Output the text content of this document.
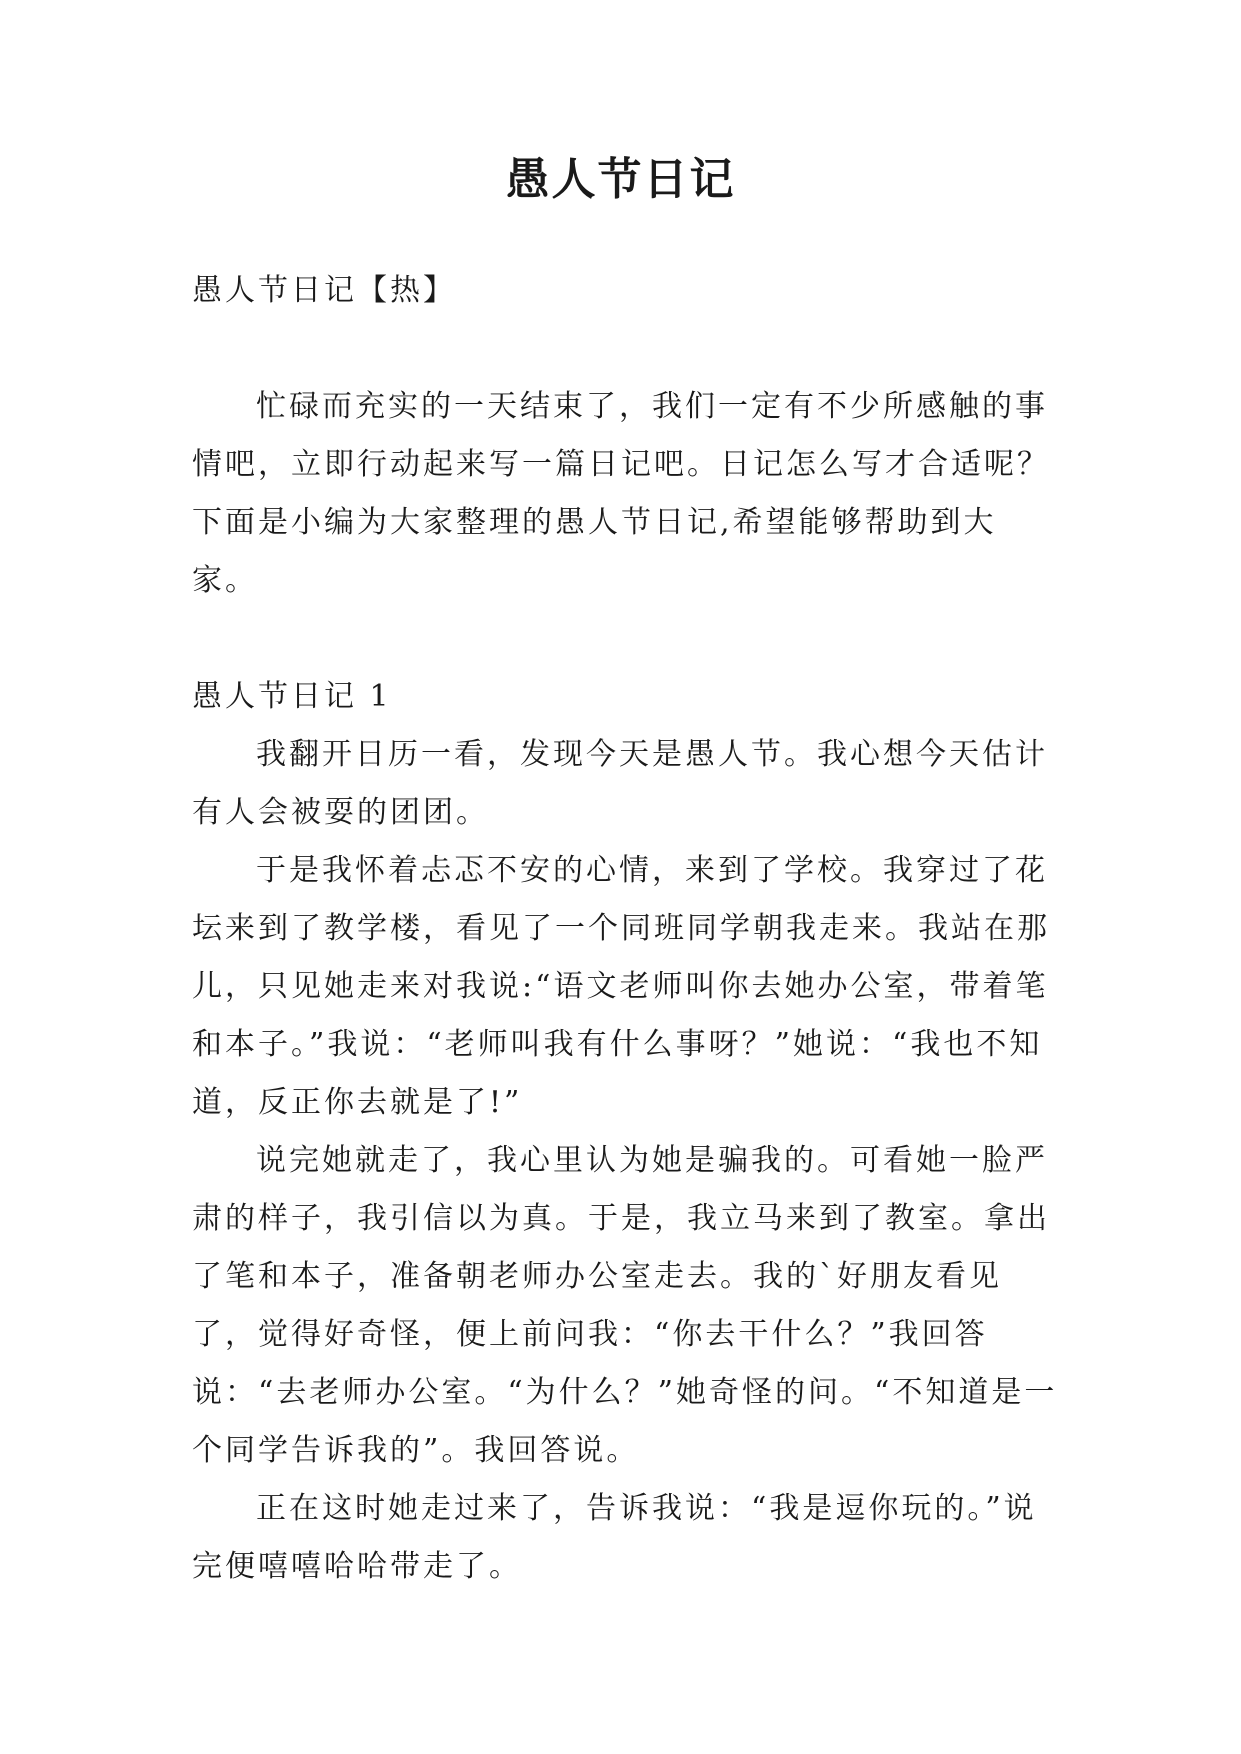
愚人节日记

愚人节日记【热】

忙碌而充实的一天结束了，我们一定有不少所感触的事情吧，立即行动起来写一篇日记吧。日记怎么写才合适呢？下面是小编为大家整理的愚人节日记,希望能够帮助到大家。

愚人节日记 1

我翻开日历一看，发现今天是愚人节。我心想今天估计有人会被耍的团团。

于是我怀着忐忑不安的心情，来到了学校。我穿过了花坛来到了教学楼，看见了一个同班同学朝我走来。我站在那儿，只见她走来对我说:“语文老师叫你去她办公室，带着笔和本子。”我说：“老师叫我有什么事呀？”她说：“我也不知道，反正你去就是了!”

说完她就走了，我心里认为她是骗我的。可看她一脸严肃的样子，我引信以为真。于是，我立马来到了教室。拿出了笔和本子，准备朝老师办公室走去。我的`好朋友看见了，觉得好奇怪，便上前问我：“你去干什么？”我回答说：“去老师办公室。“为什么？”她奇怪的问。“不知道是一个同学告诉我的”。我回答说。

正在这时她走过来了，告诉我说：“我是逗你玩的。”说完便嘻嘻哈哈带走了。
